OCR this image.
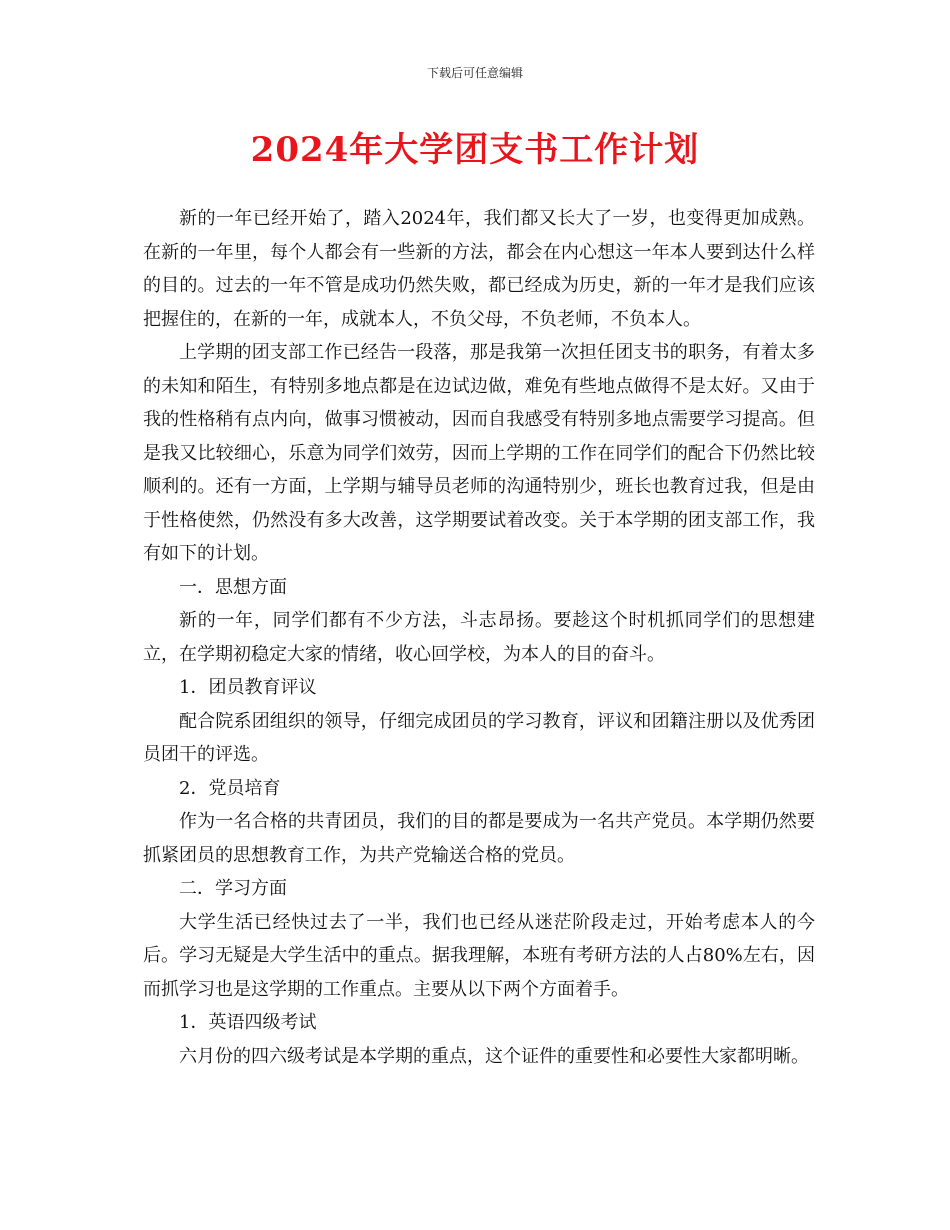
下载后可任意编辑
2024年大学团支书工作计划

新的一年已经开始了，踏入2024年，我们都又长大了一岁，也变得更加成熟。在新的一年里，每个人都会有一些新的方法，都会在内心想这一年本人要到达什么样的目的。过去的一年不管是成功仍然失败，都已经成为历史，新的一年才是我们应该把握住的，在新的一年，成就本人，不负父母，不负老师，不负本人。

上学期的团支部工作已经告一段落，那是我第一次担任团支书的职务，有着太多的未知和陌生，有特别多地点都是在边试边做，难免有些地点做得不是太好。又由于我的性格稍有点内向，做事习惯被动，因而自我感受有特别多地点需要学习提高。但是我又比较细心，乐意为同学们效劳，因而上学期的工作在同学们的配合下仍然比较顺利的。还有一方面，上学期与辅导员老师的沟通特别少，班长也教育过我，但是由于性格使然，仍然没有多大改善，这学期要试着改变。关于本学期的团支部工作，我有如下的计划。

一．思想方面

新的一年，同学们都有不少方法，斗志昂扬。要趁这个时机抓同学们的思想建立，在学期初稳定大家的情绪，收心回学校，为本人的目的奋斗。

1．团员教育评议

配合院系团组织的领导，仔细完成团员的学习教育，评议和团籍注册以及优秀团员团干的评选。

2．党员培育

作为一名合格的共青团员，我们的目的都是要成为一名共产党员。本学期仍然要抓紧团员的思想教育工作，为共产党输送合格的党员。

二．学习方面

大学生活已经快过去了一半，我们也已经从迷茫阶段走过，开始考虑本人的今后。学习无疑是大学生活中的重点。据我理解，本班有考研方法的人占80%左右，因而抓学习也是这学期的工作重点。主要从以下两个方面着手。

1．英语四级考试

六月份的四六级考试是本学期的重点，这个证件的重要性和必要性大家都明晰。
